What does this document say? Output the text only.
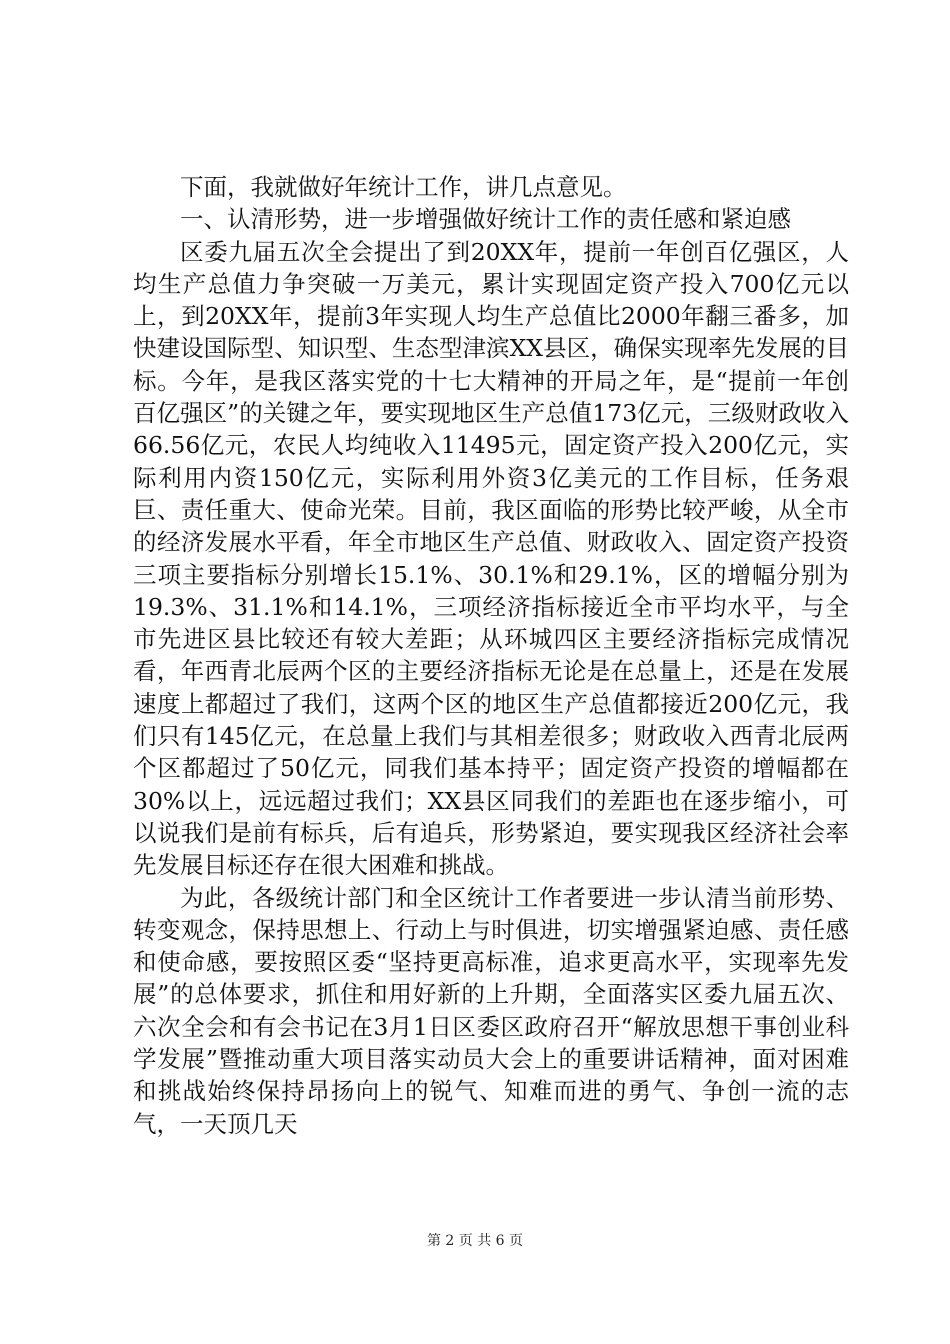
下面，我就做好年统计工作，讲几点意见。

一、认清形势，进一步增强做好统计工作的责任感和紧迫感

区委九届五次全会提出了到20XX年，提前一年创百亿强区，人均生产总值力争突破一万美元，累计实现固定资产投入700亿元以上，到20XX年，提前3年实现人均生产总值比2000年翻三番多，加快建设国际型、知识型、生态型津滨XX县区，确保实现率先发展的目标。今年，是我区落实党的十七大精神的开局之年，是“提前一年创百亿强区”的关键之年，要实现地区生产总值173亿元，三级财政收入66.56亿元，农民人均纯收入11495元，固定资产投入200亿元，实际利用内资150亿元，实际利用外资3亿美元的工作目标，任务艰巨、责任重大、使命光荣。目前，我区面临的形势比较严峻，从全市的经济发展水平看，年全市地区生产总值、财政收入、固定资产投资三项主要指标分别增长15.1%、30.1%和29.1%，区的增幅分别为19.3%、31.1%和14.1%，三项经济指标接近全市平均水平，与全市先进区县比较还有较大差距；从环城四区主要经济指标完成情况看，年西青北辰两个区的主要经济指标无论是在总量上，还是在发展速度上都超过了我们，这两个区的地区生产总值都接近200亿元，我们只有145亿元，在总量上我们与其相差很多；财政收入西青北辰两个区都超过了50亿元，同我们基本持平；固定资产投资的增幅都在30%以上，远远超过我们；XX县区同我们的差距也在逐步缩小，可以说我们是前有标兵，后有追兵，形势紧迫，要实现我区经济社会率先发展目标还存在很大困难和挑战。

为此，各级统计部门和全区统计工作者要进一步认清当前形势、转变观念，保持思想上、行动上与时俱进，切实增强紧迫感、责任感和使命感，要按照区委“坚持更高标准，追求更高水平，实现率先发展”的总体要求，抓住和用好新的上升期，全面落实区委九届五次、六次全会和有会书记在3月1日区委区政府召开“解放思想干事创业科学发展”暨推动重大项目落实动员大会上的重要讲话精神，面对困难和挑战始终保持昂扬向上的锐气、知难而进的勇气、争创一流的志气，一天顶几天

第 2 页 共 6 页
